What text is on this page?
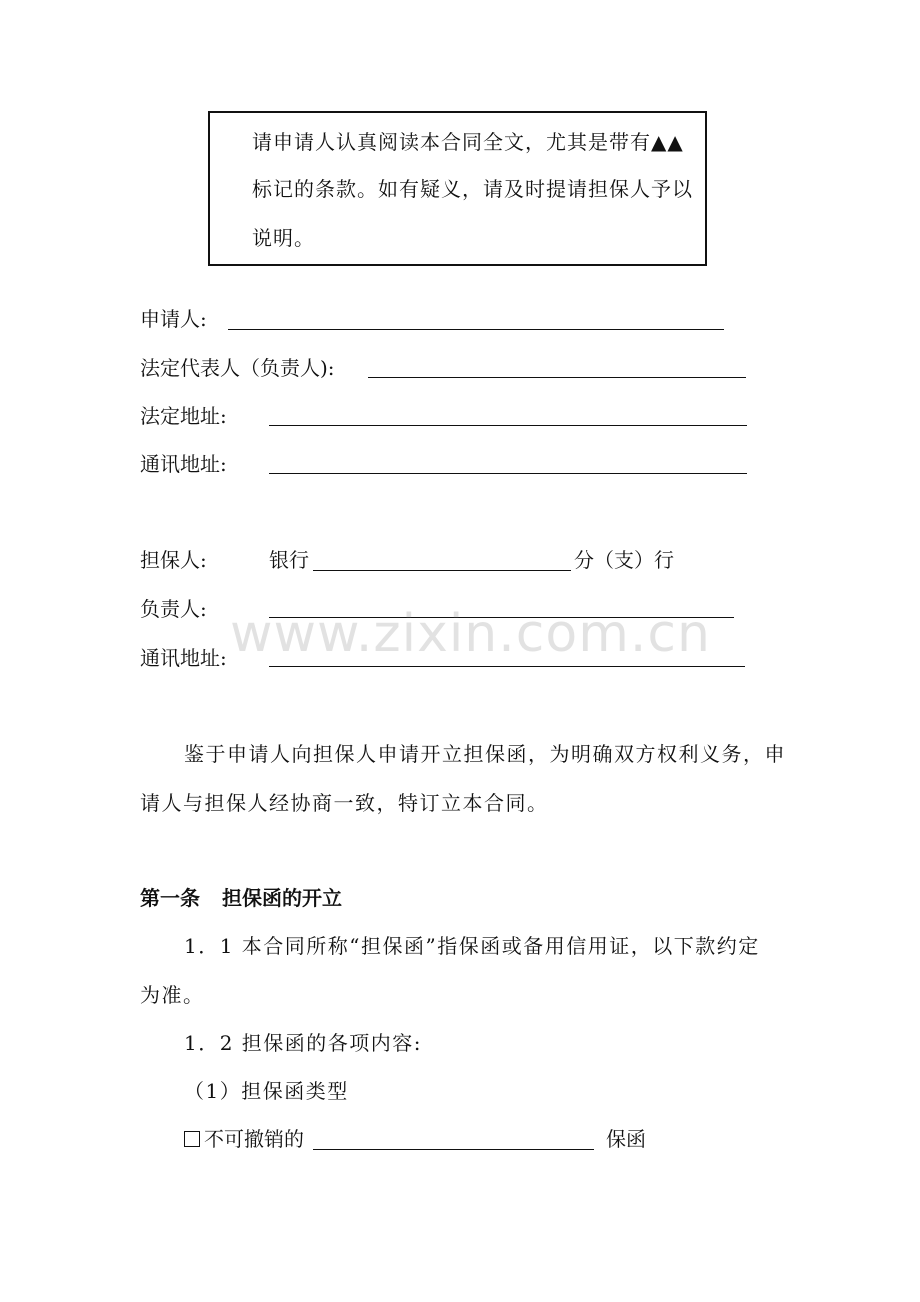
请申请人认真阅读本合同全文，尤其是带有▲▲
标记的条款。如有疑义，请及时提请担保人予以
说明。
申请人:
法定代表人（负责人):
法定地址:
通讯地址:
担保人:	银行	分（支）行
负责人:
通讯地址: www.zixin.com.cn
鉴于申请人向担保人申请开立担保函，为明确双方权利义务，申
请人与担保人经协商一致，特订立本合同。
第一条 担保函的开立
1．1 本合同所称“担保函”指保函或备用信用证，以下款约定
为准。
1．2 担保函的各项内容:
（1）担保函类型
不可撤销的	保函
